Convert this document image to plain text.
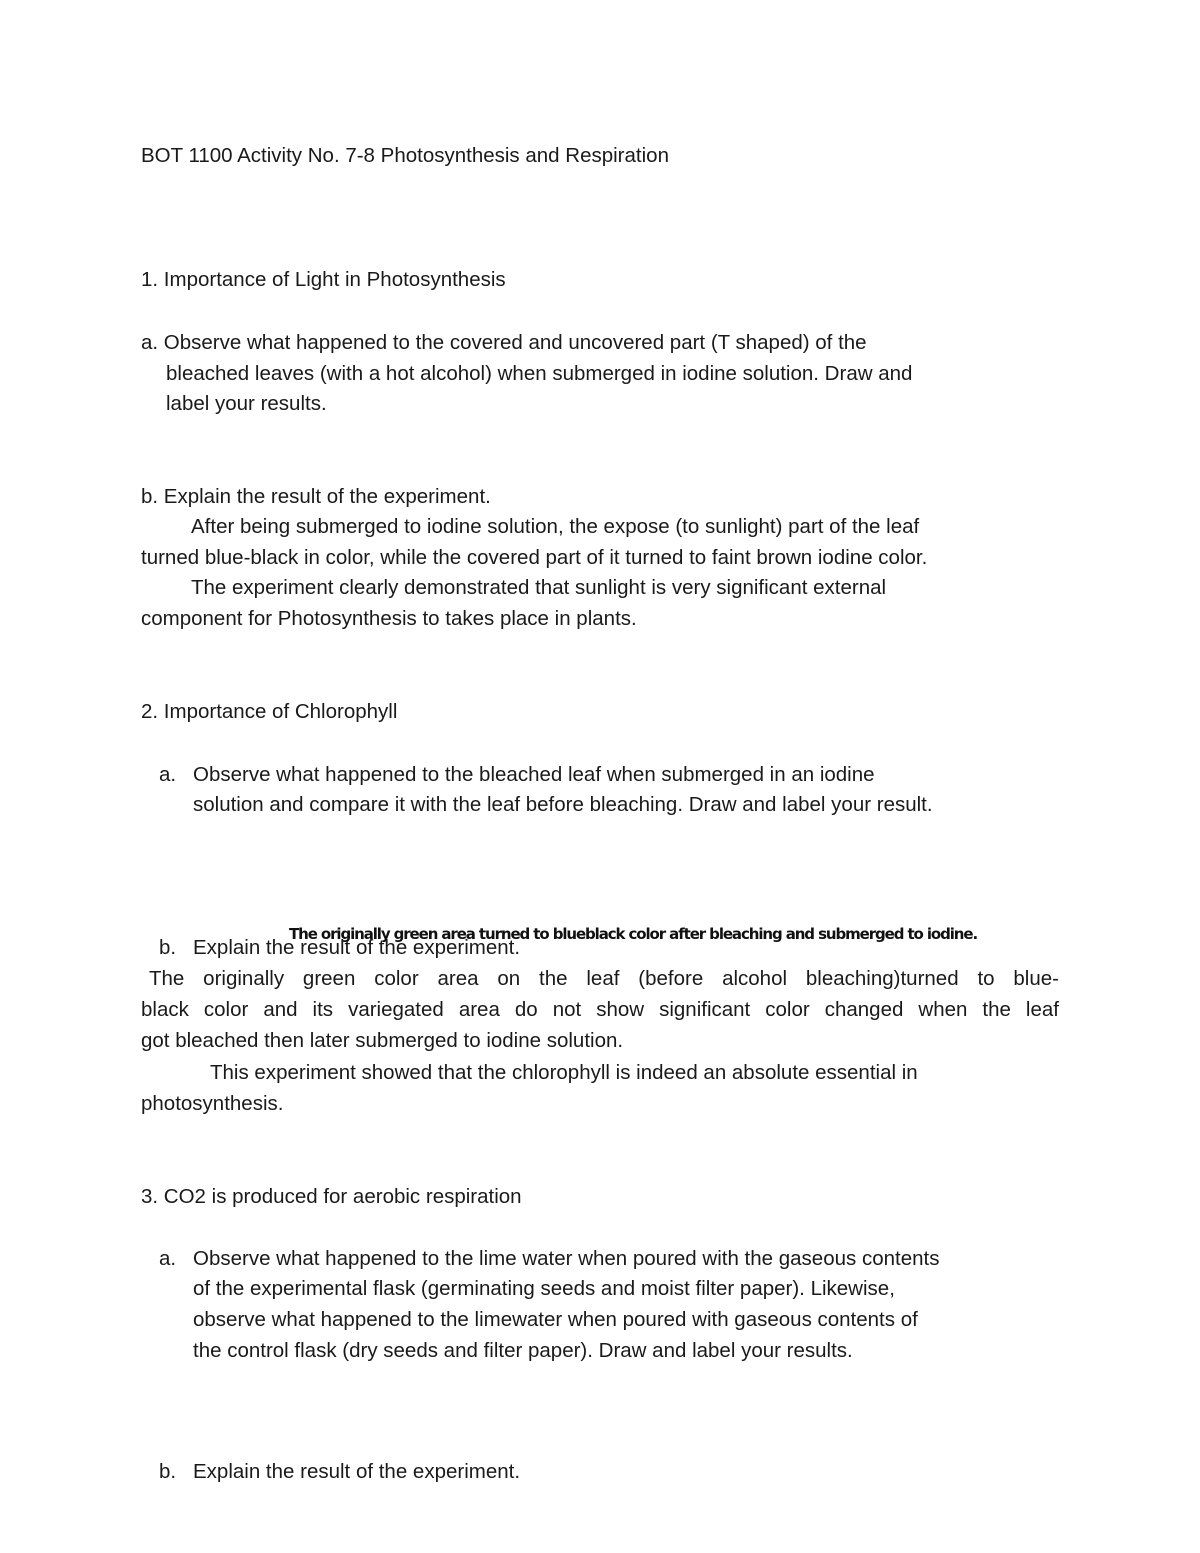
BOT 1100 Activity No. 7-8 Photosynthesis and Respiration

1. Importance of Light in Photosynthesis

a. Observe what happened to the covered and uncovered part (T shaped) of the

bleached leaves (with a hot alcohol) when submerged in iodine solution. Draw and

label your results.

b. Explain the result of the experiment.

After being submerged to iodine solution, the expose (to sunlight) part of the leaf

turned blue-black in color, while the covered part of it turned to faint brown iodine color.

The experiment clearly demonstrated that sunlight is very significant external

component for Photosynthesis to takes place in plants.

2. Importance of Chlorophyll

a. Observe what happened to the bleached leaf when submerged in an iodine

solution and compare it with the leaf before bleaching. Draw and label your result.

The originally green area turned to blueblack color after bleaching and submerged to iodine.

b. Explain the result of the experiment.

The originally green color area on the leaf (before alcohol bleaching)turned to blue-
black color and its variegated area do not show significant color changed when the leaf

got bleached then later submerged to iodine solution.

This experiment showed that the chlorophyll is indeed an absolute essential in

photosynthesis.

3. CO2 is produced for aerobic respiration

a. Observe what happened to the lime water when poured with the gaseous contents

of the experimental flask (germinating seeds and moist filter paper). Likewise,

observe what happened to the limewater when poured with gaseous contents of

the control flask (dry seeds and filter paper). Draw and label your results.

b. Explain the result of the experiment.
